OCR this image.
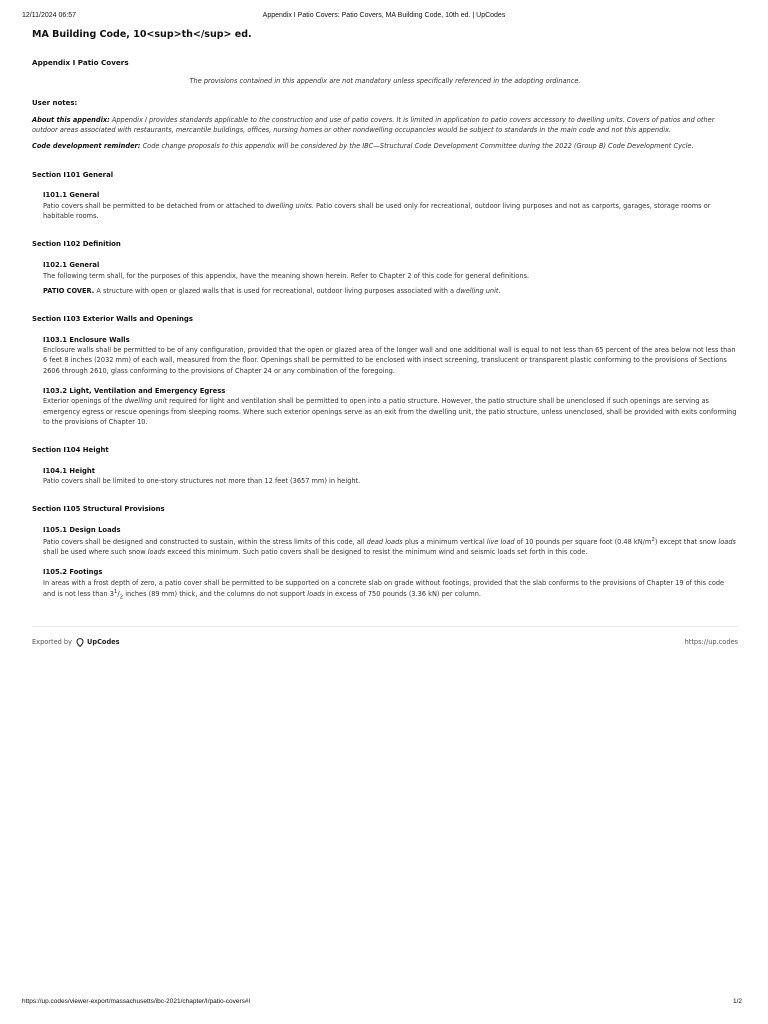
12/11/2024 06:57	Appendix I Patio Covers: Patio Covers, MA Building Code, 10th ed. | UpCodes
MA Building Code, 10<sup>th</sup> ed.
Appendix I Patio Covers
The provisions contained in this appendix are not mandatory unless specifically referenced in the adopting ordinance.
User notes:

About this appendix: Appendix I provides standards applicable to the construction and use of patio covers. It is limited in application to patio covers accessory to dwelling units. Covers of patios and other outdoor areas associated with restaurants, mercantile buildings, offices, nursing homes or other nondwelling occupancies would be subject to standards in the main code and not this appendix.

Code development reminder: Code change proposals to this appendix will be considered by the IBC—Structural Code Development Committee during the 2022 (Group B) Code Development Cycle.

Section I101 General

I101.1 General

Patio covers shall be permitted to be detached from or attached to dwelling units. Patio covers shall be used only for recreational, outdoor living purposes and not as carports, garages, storage rooms or habitable rooms.

Section I102 Definition

I102.1 General

The following term shall, for the purposes of this appendix, have the meaning shown herein. Refer to Chapter 2 of this code for general definitions.

PATIO COVER. A structure with open or glazed walls that is used for recreational, outdoor living purposes associated with a dwelling unit.

Section I103 Exterior Walls and Openings

I103.1 Enclosure Walls

Enclosure walls shall be permitted to be of any configuration, provided that the open or glazed area of the longer wall and one additional wall is equal to not less than 65 percent of the area below not less than 6 feet 8 inches (2032 mm) of each wall, measured from the floor. Openings shall be permitted to be enclosed with insect screening, translucent or transparent plastic conforming to the provisions of Sections 2606 through 2610, glass conforming to the provisions of Chapter 24 or any combination of the foregoing.

I103.2 Light, Ventilation and Emergency Egress

Exterior openings of the dwelling unit required for light and ventilation shall be permitted to open into a patio structure. However, the patio structure shall be unenclosed if such openings are serving as emergency egress or rescue openings from sleeping rooms. Where such exterior openings serve as an exit from the dwelling unit, the patio structure, unless unenclosed, shall be provided with exits conforming to the provisions of Chapter 10.

Section I104 Height

I104.1 Height

Patio covers shall be limited to one-story structures not more than 12 feet (3657 mm) in height.

Section I105 Structural Provisions

I105.1 Design Loads

Patio covers shall be designed and constructed to sustain, within the stress limits of this code, all dead loads plus a minimum vertical live load of 10 pounds per square foot (0.48 $kN/m^2$) except that snow loads shall be used where such snow loads exceed this minimum. Such patio covers shall be designed to resist the minimum wind and seismic loads set forth in this code.

I105.2 Footings

In areas with a frost depth of zero, a patio cover shall be permitted to be supported on a concrete slab on grade without footings, provided that the slab conforms to the provisions of Chapter 19 of this code and is not less than $3^1/_2$ inches (89 mm) thick, and the columns do not support loads in excess of 750 pounds (3.36 kN) per column.

Exported by UpCodes	https://up.codes
https://up.codes/viewer-export/massachusetts/ibc-2021/chapter/I/patio-covers#I	1/2
